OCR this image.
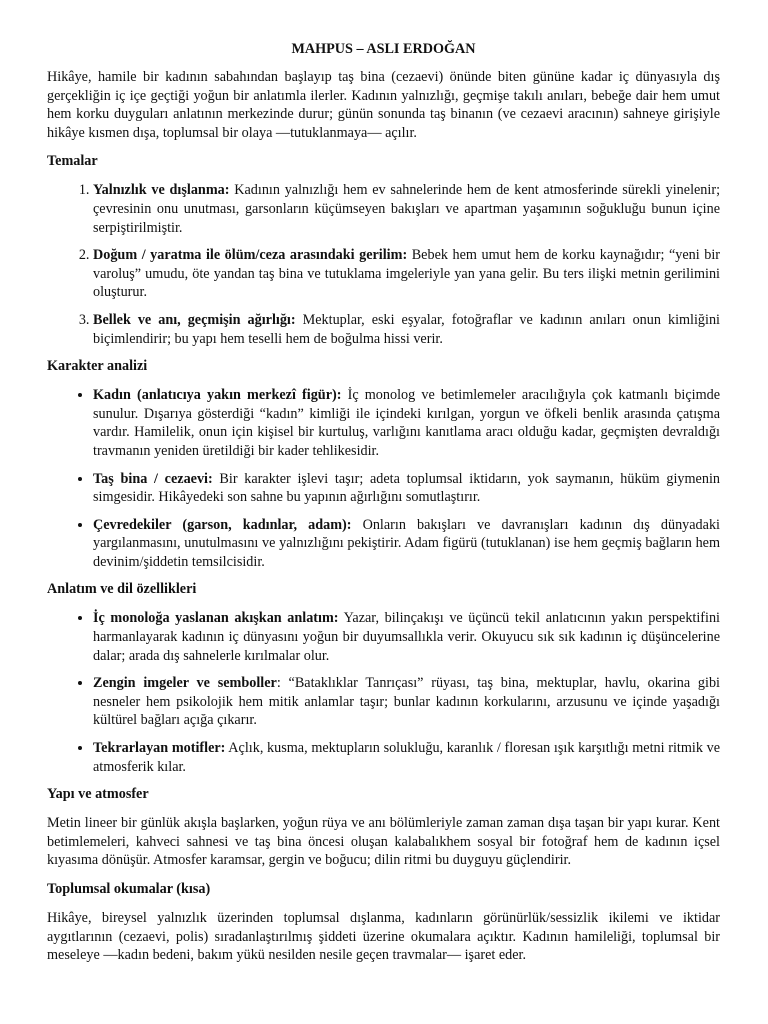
MAHPUS – ASLI ERDOĞAN

Hikâye, hamile bir kadının sabahından başlayıp taş bina (cezaevi) önünde biten gününe kadar iç dünyasıyla dış gerçekliğin iç içe geçtiği yoğun bir anlatımla ilerler. Kadının yalnızlığı, geçmişe takılı anıları, bebeğe dair hem umut hem korku duyguları anlatının merkezinde durur; günün sonunda taş binanın (ve cezaevi aracının) sahneye girişiyle hikâye kısmen dışa, toplumsal bir olaya —tutuklanmaya— açılır.

Temalar
1. Yalnızlık ve dışlanma: Kadının yalnızlığı hem ev sahnelerinde hem de kent atmosferinde sürekli yinelenir; çevresinin onu unutması, garsonların küçümseyen bakışları ve apartman yaşamının soğukluğu bunun içine serpiştirilmiştir.
2. Doğum / yaratma ile ölüm/ceza arasındaki gerilim: Bebek hem umut hem de korku kaynağıdır; “yeni bir varoluş” umudu, öte yandan taş bina ve tutuklama imgeleriyle yan yana gelir. Bu ters ilişki metnin gerilimini oluşturur.
3. Bellek ve anı, geçmişin ağırlığı: Mektuplar, eski eşyalar, fotoğraflar ve kadının anıları onun kimliğini biçimlendirir; bu yapı hem teselli hem de boğulma hissi verir.
Karakter analizi
• Kadın (anlatıcıya yakın merkezî figür): İç monolog ve betimlemeler aracılığıyla çok katmanlı biçimde sunulur. Dışarıya gösterdiği “kadın” kimliği ile içindeki kırılgan, yorgun ve öfkeli benlik arasında çatışma vardır. Hamilelik, onun için kişisel bir kurtuluş, varlığını kanıtlama aracı olduğu kadar, geçmişten devraldığı travmanın yeniden üretildiği bir kader tehlikesidir.
• Taş bina / cezaevi: Bir karakter işlevi taşır; adeta toplumsal iktidarın, yok saymanın, hüküm giymenin simgesidir. Hikâyedeki son sahne bu yapının ağırlığını somutlaştırır.
• Çevredekiler (garson, kadınlar, adam): Onların bakışları ve davranışları kadının dış dünyadaki yargılanmasını, unutulmasını ve yalnızlığını pekiştirir. Adam figürü (tutuklanan) ise hem geçmiş bağların hem devinim/şiddetin temsilcisidir.
Anlatım ve dil özellikleri
• İç monoloğa yaslanan akışkan anlatım: Yazar, bilinçakışı ve üçüncü tekil anlatıcının yakın perspektifini harmanlayarak kadının iç dünyasını yoğun bir duyumsallıkla verir. Okuyucu sık sık kadının iç düşüncelerine dalar; arada dış sahnelerle kırılmalar olur.
• Zengin imgeler ve semboller: “Bataklıklar Tanrıçası” rüyası, taş bina, mektuplar, havlu, okarina gibi nesneler hem psikolojik hem mitik anlamlar taşır; bunlar kadının korkularını, arzusunu ve içinde yaşadığı kültürel bağları açığa çıkarır.
• Tekrarlayan motifler: Açlık, kusma, mektupların solukluğu, karanlık / floresan ışık karşıtlığı metni ritmik ve atmosferik kılar.
Yapı ve atmosfer

Metin lineer bir günlük akışla başlarken, yoğun rüya ve anı bölümleriyle zaman zaman dışa taşan bir yapı kurar. Kent betimlemeleri, kahveci sahnesi ve taş bina öncesi oluşan kalabalıkhem sosyal bir fotoğraf hem de kadının içsel kıyasıma dönüşür. Atmosfer karamsar, gergin ve boğucu; dilin ritmi bu duyguyu güçlendirir.

Toplumsal okumalar (kısa)

Hikâye, bireysel yalnızlık üzerinden toplumsal dışlanma, kadınların görünürlük/sessizlik ikilemi ve iktidar aygıtlarının (cezaevi, polis) sıradanlaştırılmış şiddeti üzerine okumalara açıktır. Kadının hamileliği, toplumsal bir meseleye —kadın bedeni, bakım yükü nesilden nesile geçen travmalar— işaret eder.
